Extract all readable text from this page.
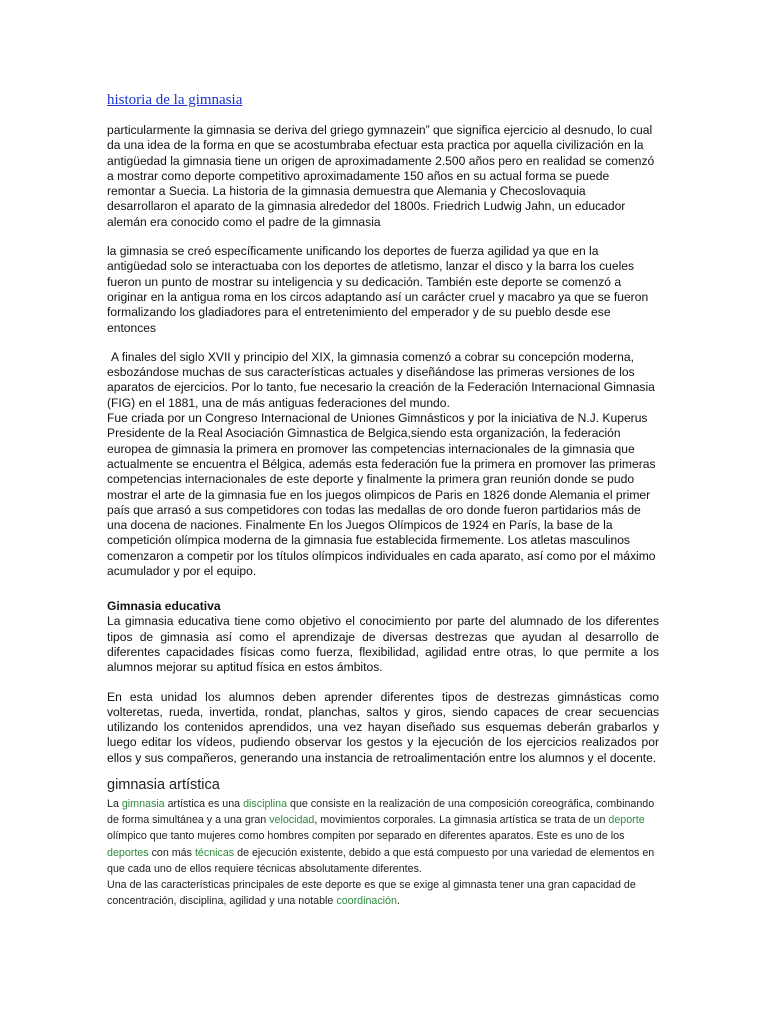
historia de la gimnasia

particularmente la gimnasia se deriva del griego gymnazein” que significa ejercicio al desnudo, lo cual da una idea de la forma en que se acostumbraba efectuar esta practica por aquella civilización en la antigüedad la gimnasia tiene un origen de aproximadamente 2.500 años pero en realidad se comenzó a mostrar como deporte competitivo aproximadamente 150 años en su actual forma se puede remontar a Suecia. La historia de la gimnasia demuestra que Alemania y Checoslovaquia desarrollaron el aparato de la gimnasia alrededor del 1800s. Friedrich Ludwig Jahn, un educador alemán era conocido como el padre de la gimnasia

la gimnasia se creó específicamente unificando los deportes de fuerza agilidad ya que en la antigüedad solo se interactuaba con los deportes de atletismo, lanzar el disco y la barra los cueles fueron un punto de mostrar su inteligencia y su dedicación. También este deporte se comenzó a originar en la antigua roma en los circos adaptando así un carácter cruel y macabro ya que se fueron formalizando los gladiadores para el entretenimiento del emperador y de su pueblo desde ese entonces

A finales del siglo XVII y principio del XIX, la gimnasia comenzó a cobrar su concepción moderna, esbozándose muchas de sus características actuales y diseñándose las primeras versiones de los aparatos de ejercicios. Por lo tanto, fue necesario la creación de la Federación Internacional Gimnasia (FIG) en el 1881, una de más antiguas federaciones del mundo.

Fue criada por un Congreso Internacional de Uniones Gimnásticos y por la iniciativa de N.J. Kuperus Presidente de la Real Asociación Gimnastica de Belgica,siendo esta organización, la federación europea de gimnasia la primera en promover las competencias internacionales de la gimnasia que actualmente se encuentra el Bélgica, además esta federación fue la primera en promover las primeras competencias internacionales de este deporte y finalmente la primera gran reunión donde se pudo mostrar el arte de la gimnasia fue en los juegos olimpicos de Paris en 1826 donde Alemania el primer país que arrasó a sus competidores con todas las medallas de oro donde fueron partidarios más de una docena de naciones. Finalmente En los Juegos Olímpicos de 1924 en París, la base de la competición olímpica moderna de la gimnasia fue establecida firmemente. Los atletas masculinos comenzaron a competir por los títulos olímpicos individuales en cada aparato, así como por el máximo acumulador y por el equipo.

Gimnasia educativa

La gimnasia educativa tiene como objetivo el conocimiento por parte del alumnado de los diferentes tipos de gimnasia así como el aprendizaje de diversas destrezas que ayudan al desarrollo de diferentes capacidades físicas como fuerza, flexibilidad, agilidad entre otras, lo que permite a los alumnos mejorar su aptitud física en estos ámbitos.

En esta unidad los alumnos deben aprender diferentes tipos de destrezas gimnásticas como volteretas, rueda, invertida, rondat, planchas, saltos y giros, siendo capaces de crear secuencias utilizando los contenidos aprendidos, una vez hayan diseñado sus esquemas deberán grabarlos y luego editar los vídeos, pudiendo observar los gestos y la ejecución de los ejercicios realizados por ellos y sus compañeros, generando una instancia de retroalimentación entre los alumnos y el docente.

gimnasia artística

La gimnasia artística es una disciplina que consiste en la realización de una composición coreográfica, combinando de forma simultánea y a una gran velocidad, movimientos corporales. La gimnasia artística se trata de un deporte olímpico que tanto mujeres como hombres compiten por separado en diferentes aparatos. Este es uno de los deportes con más técnicas de ejecución existente, debido a que está compuesto por una variedad de elementos en que cada uno de ellos requiere técnicas absolutamente diferentes.

Una de las características principales de este deporte es que se exige al gimnasta tener una gran capacidad de concentración, disciplina, agilidad y una notable coordinación.
